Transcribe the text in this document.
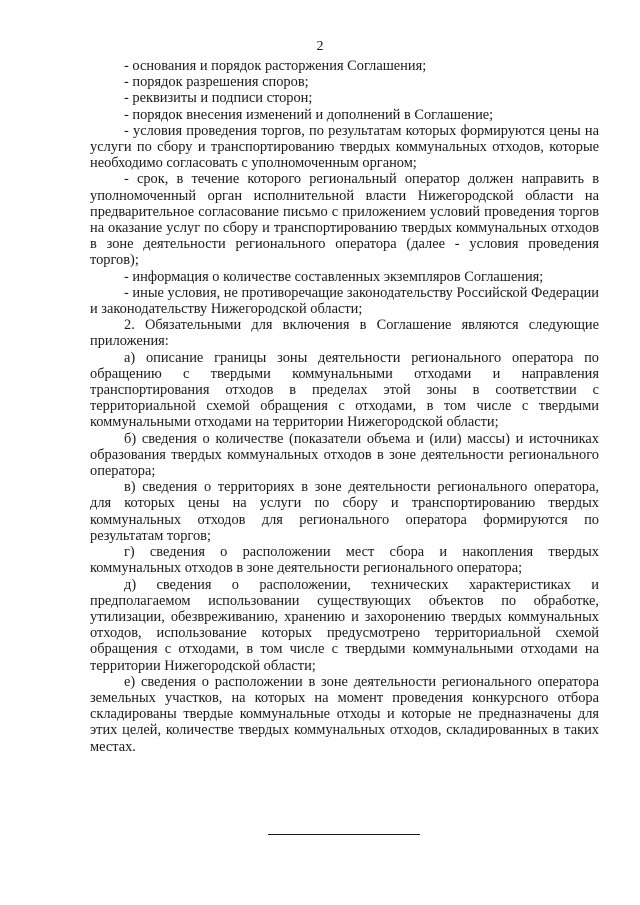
2

- основания и порядок расторжения Соглашения;

- порядок разрешения споров;

- реквизиты и подписи сторон;

- порядок внесения изменений и дополнений в Соглашение;

- условия проведения торгов, по результатам которых формируются цены на услуги по сбору и транспортированию твердых коммунальных отходов, которые необходимо согласовать с уполномоченным органом;

- срок, в течение которого региональный оператор должен направить в уполномоченный орган исполнительной власти Нижегородской области на предварительное согласование письмо с приложением условий проведения торгов на оказание услуг по сбору и транспортированию твердых коммунальных отходов в зоне деятельности регионального оператора (далее - условия проведения торгов);

- информация о количестве составленных экземпляров Соглашения;

- иные условия, не противоречащие законодательству Российской Федерации и законодательству Нижегородской области;

2. Обязательными для включения в Соглашение являются следующие приложения:

а) описание границы зоны деятельности регионального оператора по обращению с твердыми коммунальными отходами и направления транспортирования отходов в пределах этой зоны в соответствии с территориальной схемой обращения с отходами, в том числе с твердыми коммунальными отходами на территории Нижегородской области;

б) сведения о количестве (показатели объема и (или) массы) и источниках образования твердых коммунальных отходов в зоне деятельности регионального оператора;

в) сведения о территориях в зоне деятельности регионального оператора, для которых цены на услуги по сбору и транспортированию твердых коммунальных отходов для регионального оператора формируются по результатам торгов;

г) сведения о расположении мест сбора и накопления твердых коммунальных отходов в зоне деятельности регионального оператора;

д) сведения о расположении, технических характеристиках и предполагаемом использовании существующих объектов по обработке, утилизации, обезвреживанию, хранению и захоронению твердых коммунальных отходов, использование которых предусмотрено территориальной схемой обращения с отходами, в том числе с твердыми коммунальными отходами на территории Нижегородской области;

е) сведения о расположении в зоне деятельности регионального оператора земельных участков, на которых на момент проведения конкурсного отбора складированы твердые коммунальные отходы и которые не предназначены для этих целей, количестве твердых коммунальных отходов, складированных в таких местах.
